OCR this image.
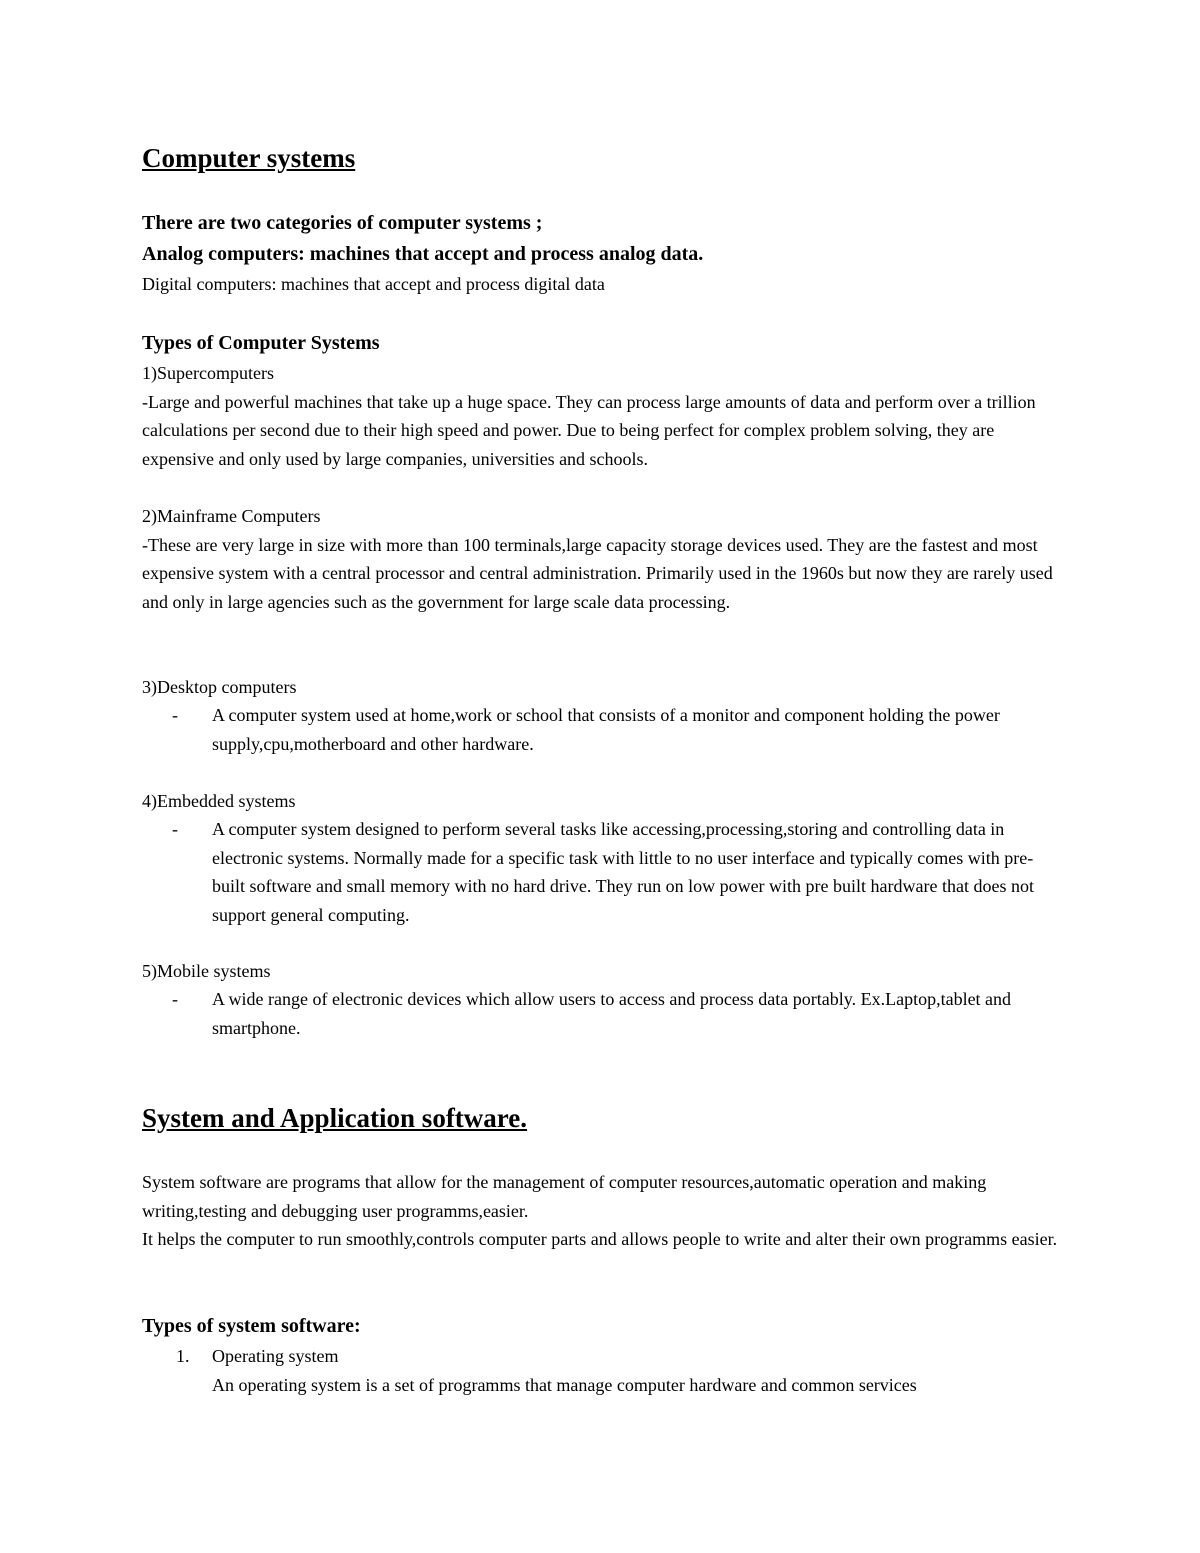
Computer systems

There are two categories of computer systems ;

Analog computers: machines that accept and process analog data.

Digital computers: machines that accept and process digital data

Types of Computer Systems

1)Supercomputers

-Large and powerful machines that take up a huge space. They can process large amounts of data and perform over a trillion calculations per second due to their high speed and power. Due to being perfect for complex problem solving, they are expensive and only used by large companies, universities and schools.

2)Mainframe Computers

-These are very large in size with more than 100 terminals,large capacity storage devices used. They are the fastest and most expensive system with a central processor and central administration. Primarily used in the 1960s but now they are rarely used and only in large agencies such as the government for large scale data processing.

3)Desktop computers

-	A computer system used at home,work or school that consists of a monitor and component holding the power supply,cpu,motherboard and other hardware.

4)Embedded systems

-	A computer system designed to perform several tasks like accessing,processing,storing and controlling data in electronic systems. Normally made for a specific task with little to no user interface and typically comes with pre-built software and small memory with no hard drive. They run on low power with pre built hardware that does not support general computing.

5)Mobile systems

-	A wide range of electronic devices which allow users to access and process data portably. Ex.Laptop,tablet and smartphone.
System and Application software.

System software are programs that allow for the management of computer resources,automatic operation and making writing,testing and debugging user programms,easier.

It helps the computer to run smoothly,controls computer parts and allows people to write and alter their own programms easier.

Types of system software:
1.	Operating system
An operating system is a set of programms that manage computer hardware and common services
